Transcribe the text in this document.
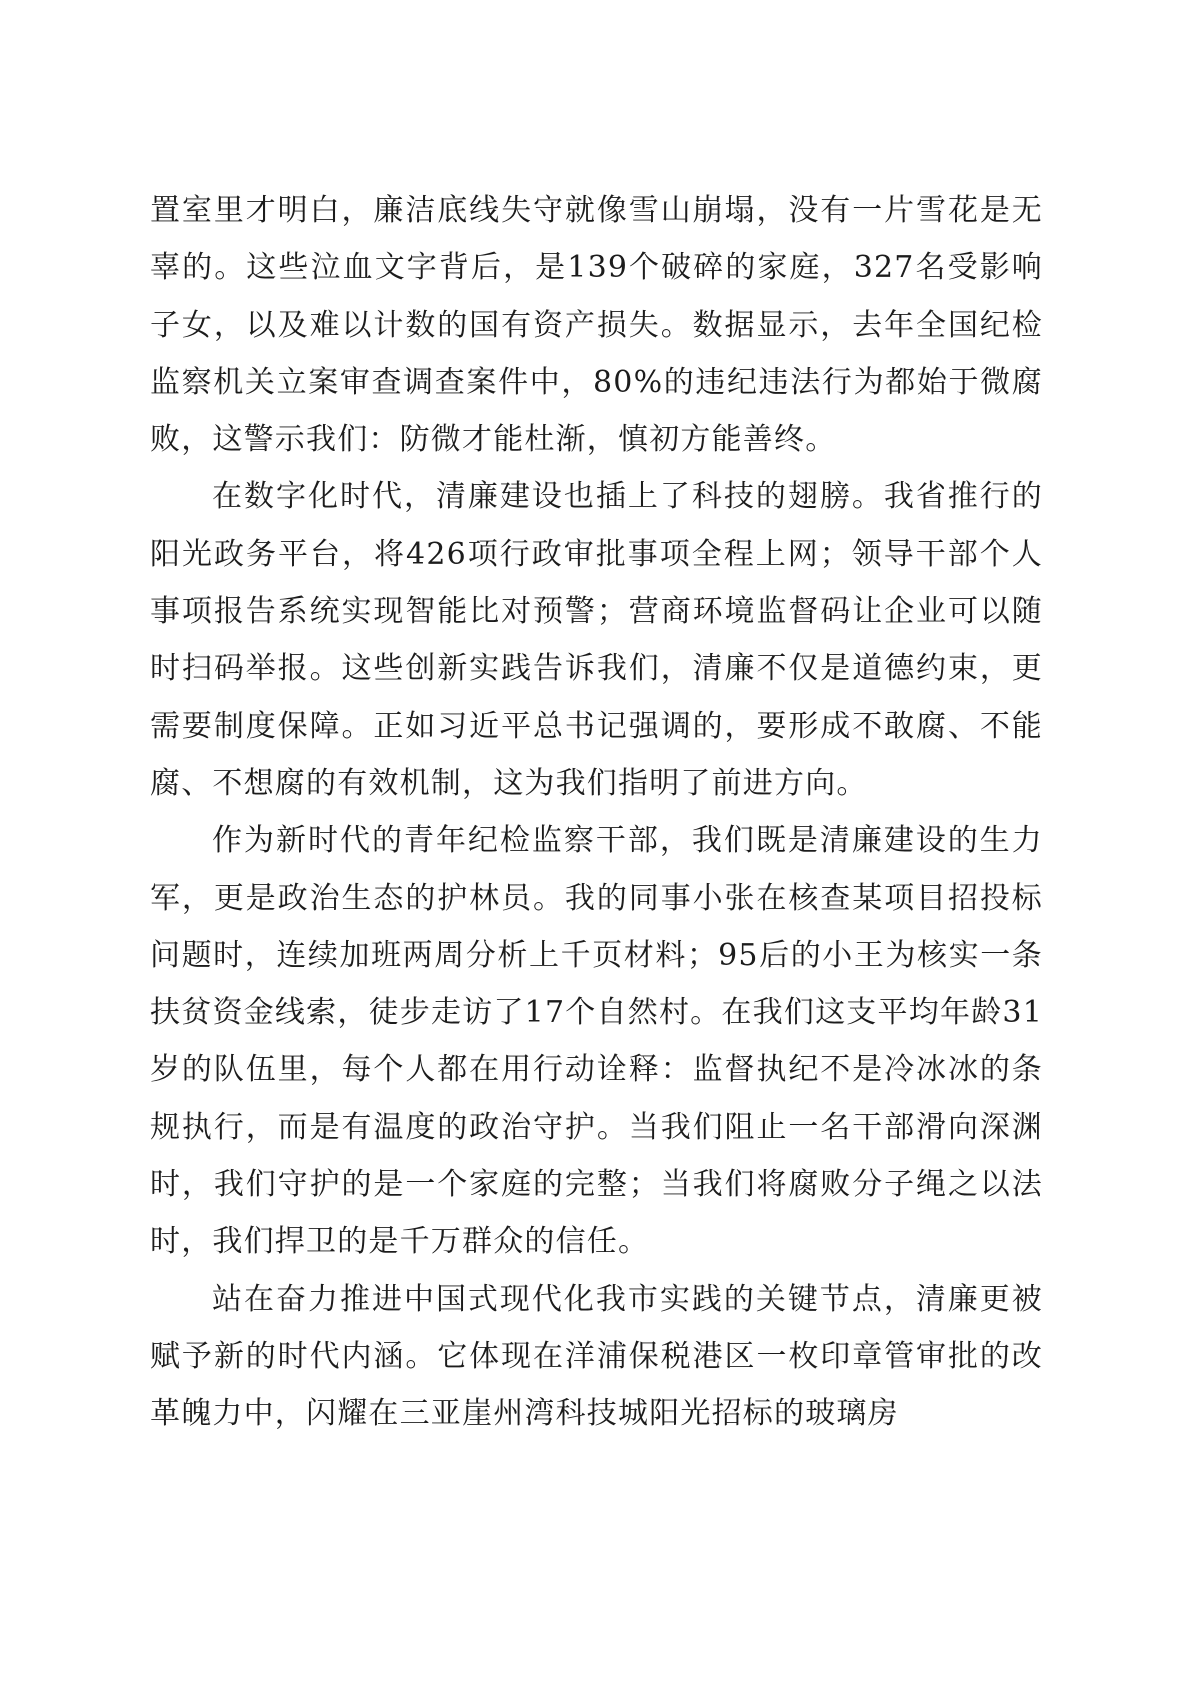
置室里才明白，廉洁底线失守就像雪山崩塌，没有一片雪花是无辜的。这些泣血文字背后，是139个破碎的家庭，327名受影响子女，以及难以计数的国有资产损失。数据显示，去年全国纪检监察机关立案审查调查案件中，80%的违纪违法行为都始于微腐败，这警示我们：防微才能杜渐，慎初方能善终。

在数字化时代，清廉建设也插上了科技的翅膀。我省推行的阳光政务平台，将426项行政审批事项全程上网；领导干部个人事项报告系统实现智能比对预警；营商环境监督码让企业可以随时扫码举报。这些创新实践告诉我们，清廉不仅是道德约束，更需要制度保障。正如习近平总书记强调的，要形成不敢腐、不能腐、不想腐的有效机制，这为我们指明了前进方向。

作为新时代的青年纪检监察干部，我们既是清廉建设的生力军，更是政治生态的护林员。我的同事小张在核查某项目招投标问题时，连续加班两周分析上千页材料；95后的小王为核实一条扶贫资金线索，徒步走访了17个自然村。在我们这支平均年龄31岁的队伍里，每个人都在用行动诠释：监督执纪不是冷冰冰的条规执行，而是有温度的政治守护。当我们阻止一名干部滑向深渊时，我们守护的是一个家庭的完整；当我们将腐败分子绳之以法时，我们捍卫的是千万群众的信任。

站在奋力推进中国式现代化我市实践的关键节点，清廉更被赋予新的时代内涵。它体现在洋浦保税港区一枚印章管审批的改革魄力中，闪耀在三亚崖州湾科技城阳光招标的玻璃房
